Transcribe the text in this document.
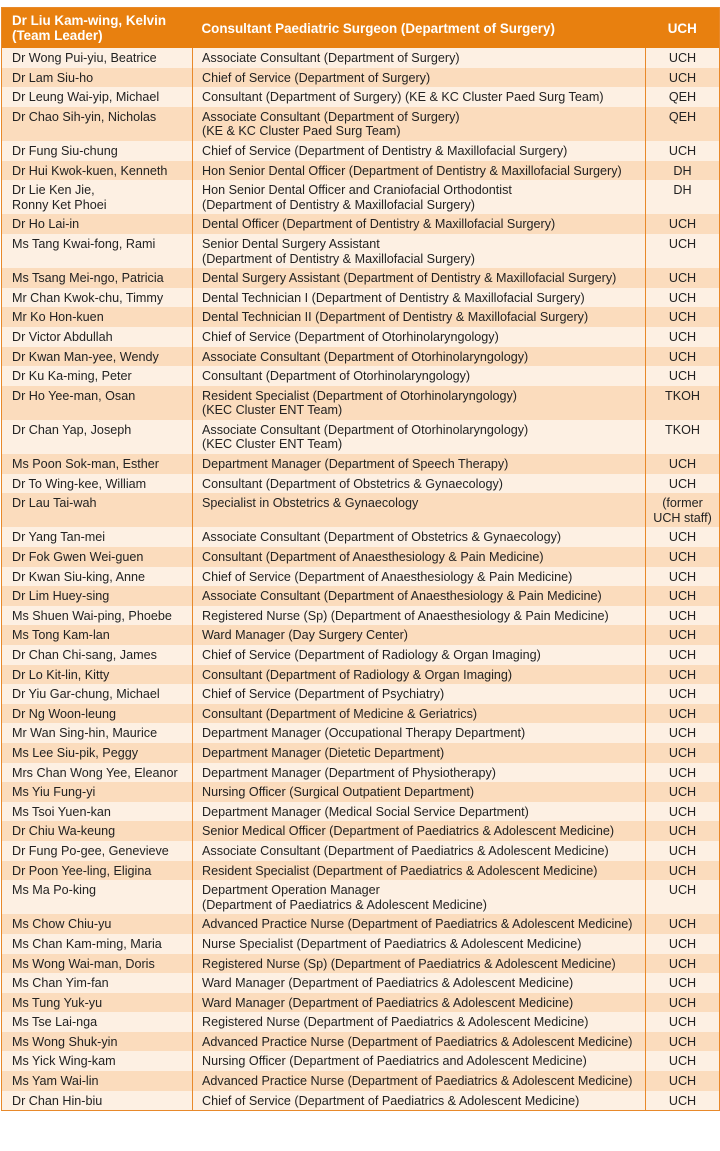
Dr Liu Kam-wing, Kelvin (Team Leader)	Consultant Paediatric Surgeon (Department of Surgery)	UCH

Dr Wong Pui-yiu, Beatrice	Associate Consultant (Department of Surgery)	UCH

Dr Lam Siu-ho	Chief of Service (Department of Surgery)	UCH

Dr Leung Wai-yip, Michael	Consultant (Department of Surgery) (KE & KC Cluster Paed Surg Team)	QEH

Dr Chao Sih-yin, Nicholas	Associate Consultant (Department of Surgery)
(KE & KC Cluster Paed Surg Team)	QEH

Dr Fung Siu-chung	Chief of Service (Department of Dentistry & Maxillofacial Surgery)	UCH

Dr Hui Kwok-kuen, Kenneth	Hon Senior Dental Officer (Department of Dentistry & Maxillofacial Surgery)	DH

Dr Lie Ken Jie,
Ronny Ket Phoei	Hon Senior Dental Officer and Craniofacial Orthodontist
(Department of Dentistry & Maxillofacial Surgery)	DH

Dr Ho Lai-in	Dental Officer (Department of Dentistry & Maxillofacial Surgery)	UCH

Ms Tang Kwai-fong, Rami	Senior Dental Surgery Assistant
(Department of Dentistry & Maxillofacial Surgery)	UCH

Ms Tsang Mei-ngo, Patricia	Dental Surgery Assistant (Department of Dentistry & Maxillofacial Surgery)	UCH

Mr Chan Kwok-chu, Timmy	Dental Technician I (Department of Dentistry & Maxillofacial Surgery)	UCH

Mr Ko Hon-kuen	Dental Technician II (Department of Dentistry & Maxillofacial Surgery)	UCH

Dr Victor Abdullah	Chief of Service (Department of Otorhinolaryngology)	UCH

Dr Kwan Man-yee, Wendy	Associate Consultant (Department of Otorhinolaryngology)	UCH

Dr Ku Ka-ming, Peter	Consultant (Department of Otorhinolaryngology)	UCH

Dr Ho Yee-man, Osan	Resident Specialist (Department of Otorhinolaryngology)
(KEC Cluster ENT Team)	TKOH

Dr Chan Yap, Joseph	Associate Consultant (Department of Otorhinolaryngology)
(KEC Cluster ENT Team)	TKOH

Ms Poon Sok-man, Esther	Department Manager (Department of Speech Therapy)	UCH

Dr To Wing-kee, William	Consultant (Department of Obstetrics & Gynaecology)	UCH

Dr Lau Tai-wah	Specialist in Obstetrics & Gynaecology	(former
UCH staff)

Dr Yang Tan-mei	Associate Consultant (Department of Obstetrics & Gynaecology)	UCH

Dr Fok Gwen Wei-guen	Consultant (Department of Anaesthesiology & Pain Medicine)	UCH

Dr Kwan Siu-king, Anne	Chief of Service (Department of Anaesthesiology & Pain Medicine)	UCH

Dr Lim Huey-sing	Associate Consultant (Department of Anaesthesiology & Pain Medicine)	UCH

Ms Shuen Wai-ping, Phoebe	Registered Nurse (Sp) (Department of Anaesthesiology & Pain Medicine)	UCH

Ms Tong Kam-lan	Ward Manager (Day Surgery Center)	UCH

Dr Chan Chi-sang, James	Chief of Service (Department of Radiology & Organ Imaging)	UCH

Dr Lo Kit-lin, Kitty	Consultant (Department of Radiology & Organ Imaging)	UCH

Dr Yiu Gar-chung, Michael	Chief of Service (Department of Psychiatry)	UCH

Dr Ng Woon-leung	Consultant (Department of Medicine & Geriatrics)	UCH

Mr Wan Sing-hin, Maurice	Department Manager (Occupational Therapy Department)	UCH

Ms Lee Siu-pik, Peggy	Department Manager (Dietetic Department)	UCH

Mrs Chan Wong Yee, Eleanor	Department Manager (Department of Physiotherapy)	UCH

Ms Yiu Fung-yi	Nursing Officer (Surgical Outpatient Department)	UCH

Ms Tsoi Yuen-kan	Department Manager (Medical Social Service Department)	UCH

Dr Chiu Wa-keung	Senior Medical Officer (Department of Paediatrics & Adolescent Medicine)	UCH

Dr Fung Po-gee, Genevieve	Associate Consultant (Department of Paediatrics & Adolescent Medicine)	UCH

Dr Poon Yee-ling, Eligina	Resident Specialist (Department of Paediatrics & Adolescent Medicine)	UCH

Ms Ma Po-king	Department Operation Manager
(Department of Paediatrics & Adolescent Medicine)	UCH

Ms Chow Chiu-yu	Advanced Practice Nurse (Department of Paediatrics & Adolescent Medicine)	UCH

Ms Chan Kam-ming, Maria	Nurse Specialist (Department of Paediatrics & Adolescent Medicine)	UCH

Ms Wong Wai-man, Doris	Registered Nurse (Sp) (Department of Paediatrics & Adolescent Medicine)	UCH

Ms Chan Yim-fan	Ward Manager (Department of Paediatrics & Adolescent Medicine)	UCH

Ms Tung Yuk-yu	Ward Manager (Department of Paediatrics & Adolescent Medicine)	UCH

Ms Tse Lai-nga	Registered Nurse (Department of Paediatrics & Adolescent Medicine)	UCH

Ms Wong Shuk-yin	Advanced Practice Nurse (Department of Paediatrics & Adolescent Medicine)	UCH

Ms Yick Wing-kam	Nursing Officer (Department of Paediatrics and Adolescent Medicine)	UCH

Ms Yam Wai-lin	Advanced Practice Nurse (Department of Paediatrics & Adolescent Medicine)	UCH

Dr Chan Hin-biu	Chief of Service (Department of Paediatrics & Adolescent Medicine)	UCH
